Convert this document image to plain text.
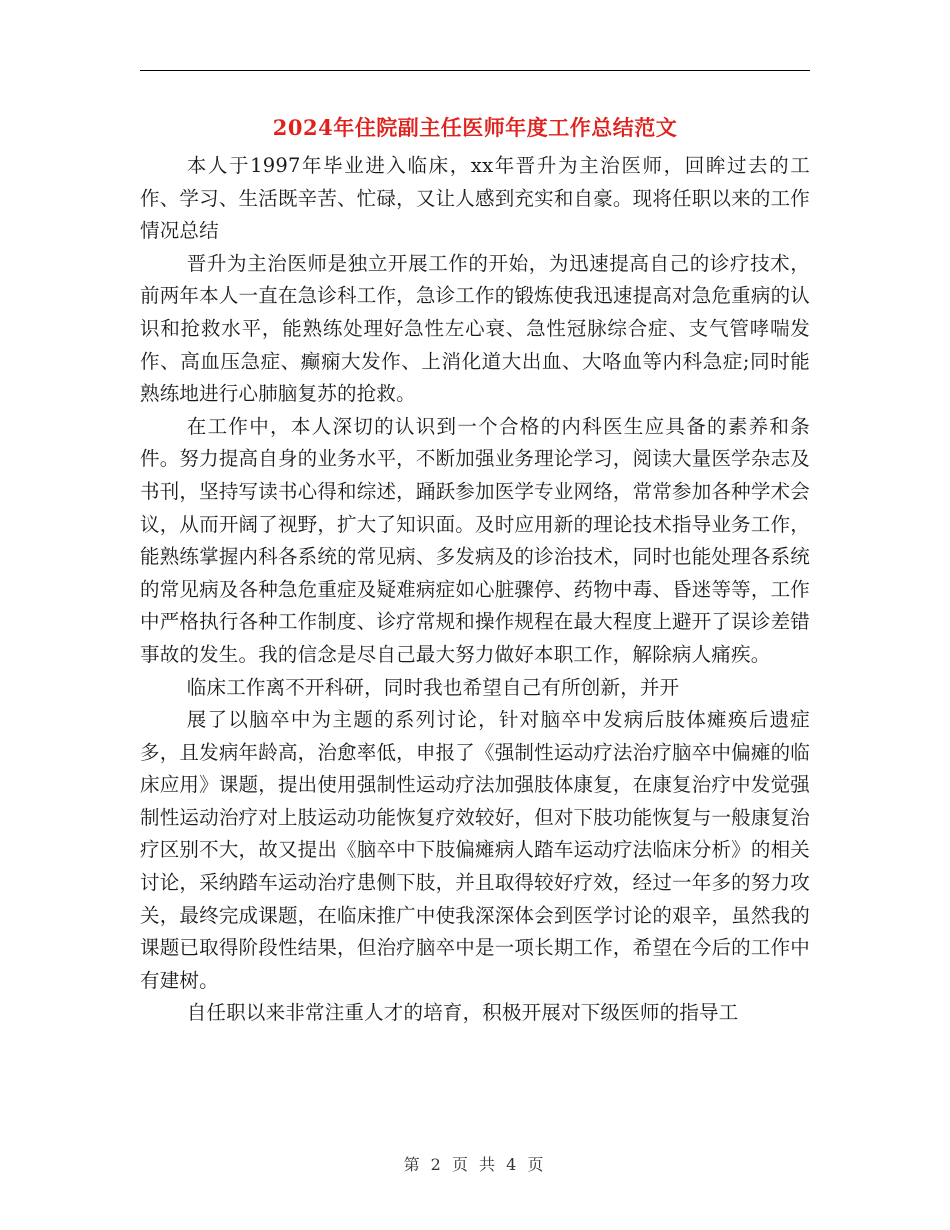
2024年住院副主任医师年度工作总结范文

本人于1997年毕业进入临床，xx年晋升为主治医师，回眸过去的工作、学习、生活既辛苦、忙碌，又让人感到充实和自豪。现将任职以来的工作情况总结

晋升为主治医师是独立开展工作的开始，为迅速提高自己的诊疗技术，前两年本人一直在急诊科工作，急诊工作的锻炼使我迅速提高对急危重病的认识和抢救水平，能熟练处理好急性左心衰、急性冠脉综合症、支气管哮喘发作、高血压急症、癫痫大发作、上消化道大出血、大咯血等内科急症;同时能熟练地进行心肺脑复苏的抢救。

在工作中，本人深切的认识到一个合格的内科医生应具备的素养和条件。努力提高自身的业务水平，不断加强业务理论学习，阅读大量医学杂志及书刊，坚持写读书心得和综述，踊跃参加医学专业网络，常常参加各种学术会议，从而开阔了视野，扩大了知识面。及时应用新的理论技术指导业务工作，能熟练掌握内科各系统的常见病、多发病及的诊治技术，同时也能处理各系统的常见病及各种急危重症及疑难病症如心脏骤停、药物中毒、昏迷等等，工作中严格执行各种工作制度、诊疗常规和操作规程在最大程度上避开了误诊差错事故的发生。我的信念是尽自己最大努力做好本职工作，解除病人痛疾。

临床工作离不开科研，同时我也希望自己有所创新，并开

展了以脑卒中为主题的系列讨论，针对脑卒中发病后肢体瘫痪后遗症多，且发病年龄高，治愈率低，申报了《强制性运动疗法治疗脑卒中偏瘫的临床应用》课题，提出使用强制性运动疗法加强肢体康复，在康复治疗中发觉强制性运动治疗对上肢运动功能恢复疗效较好，但对下肢功能恢复与一般康复治疗区别不大，故又提出《脑卒中下肢偏瘫病人踏车运动疗法临床分析》的相关讨论，采纳踏车运动治疗患侧下肢，并且取得较好疗效，经过一年多的努力攻关，最终完成课题，在临床推广中使我深深体会到医学讨论的艰辛，虽然我的课题已取得阶段性结果，但治疗脑卒中是一项长期工作，希望在今后的工作中有建树。

自任职以来非常注重人才的培育，积极开展对下级医师的指导工

第 2 页 共 4 页
